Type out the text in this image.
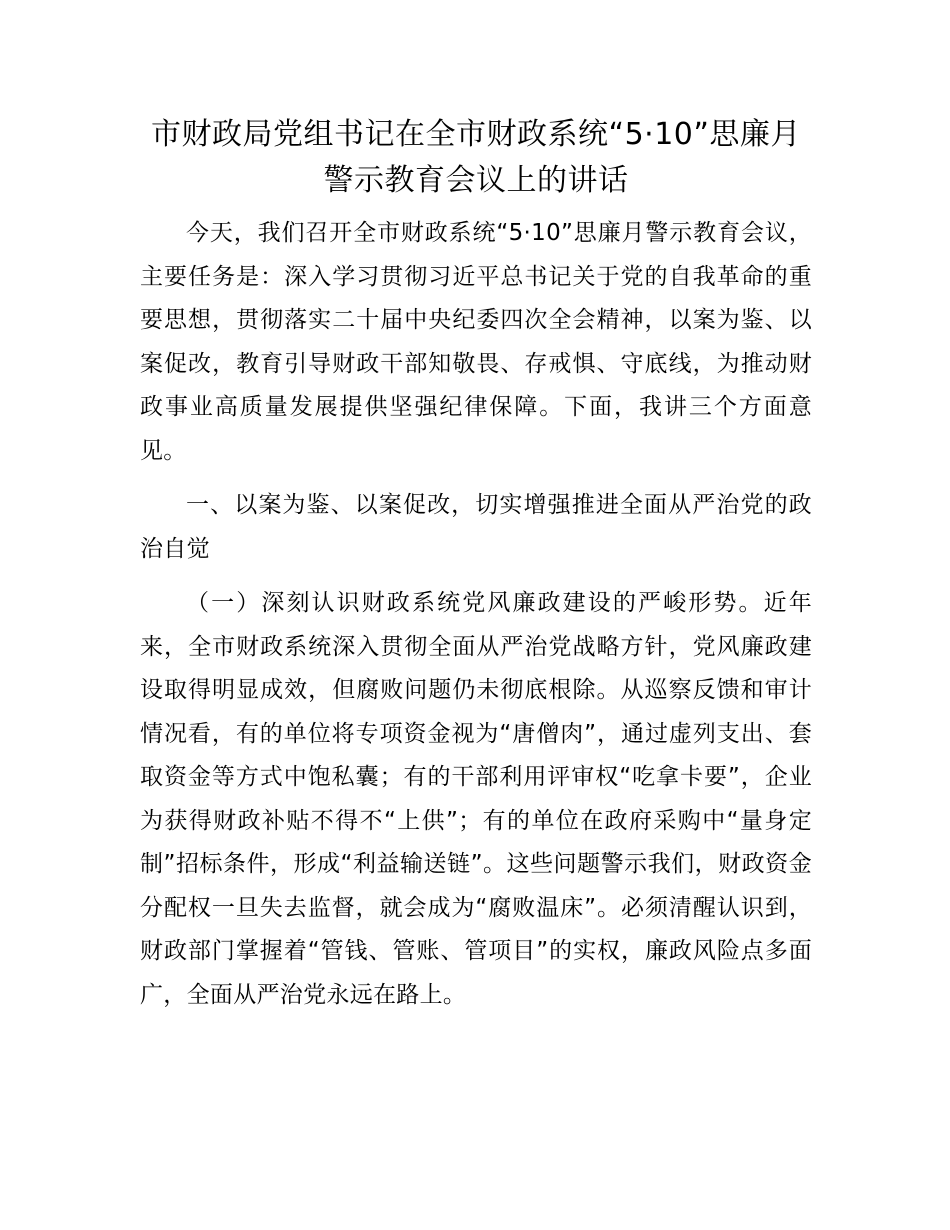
市财政局党组书记在全市财政系统“5·10”思廉月警示教育会议上的讲话

今天，我们召开全市财政系统“5·10”思廉月警示教育会议，主要任务是：深入学习贯彻习近平总书记关于党的自我革命的重要思想，贯彻落实二十届中央纪委四次全会精神，以案为鉴、以案促改，教育引导财政干部知敬畏、存戒惧、守底线，为推动财政事业高质量发展提供坚强纪律保障。下面，我讲三个方面意见。

一、以案为鉴、以案促改，切实增强推进全面从严治党的政治自觉

（一）深刻认识财政系统党风廉政建设的严峻形势。近年来，全市财政系统深入贯彻全面从严治党战略方针，党风廉政建设取得明显成效，但腐败问题仍未彻底根除。从巡察反馈和审计情况看，有的单位将专项资金视为“唐僧肉”，通过虚列支出、套取资金等方式中饱私囊；有的干部利用评审权“吃拿卡要”，企业为获得财政补贴不得不“上供”；有的单位在政府采购中“量身定制”招标条件，形成“利益输送链”。这些问题警示我们，财政资金分配权一旦失去监督，就会成为“腐败温床”。必须清醒认识到，财政部门掌握着“管钱、管账、管项目”的实权，廉政风险点多面广，全面从严治党永远在路上。
